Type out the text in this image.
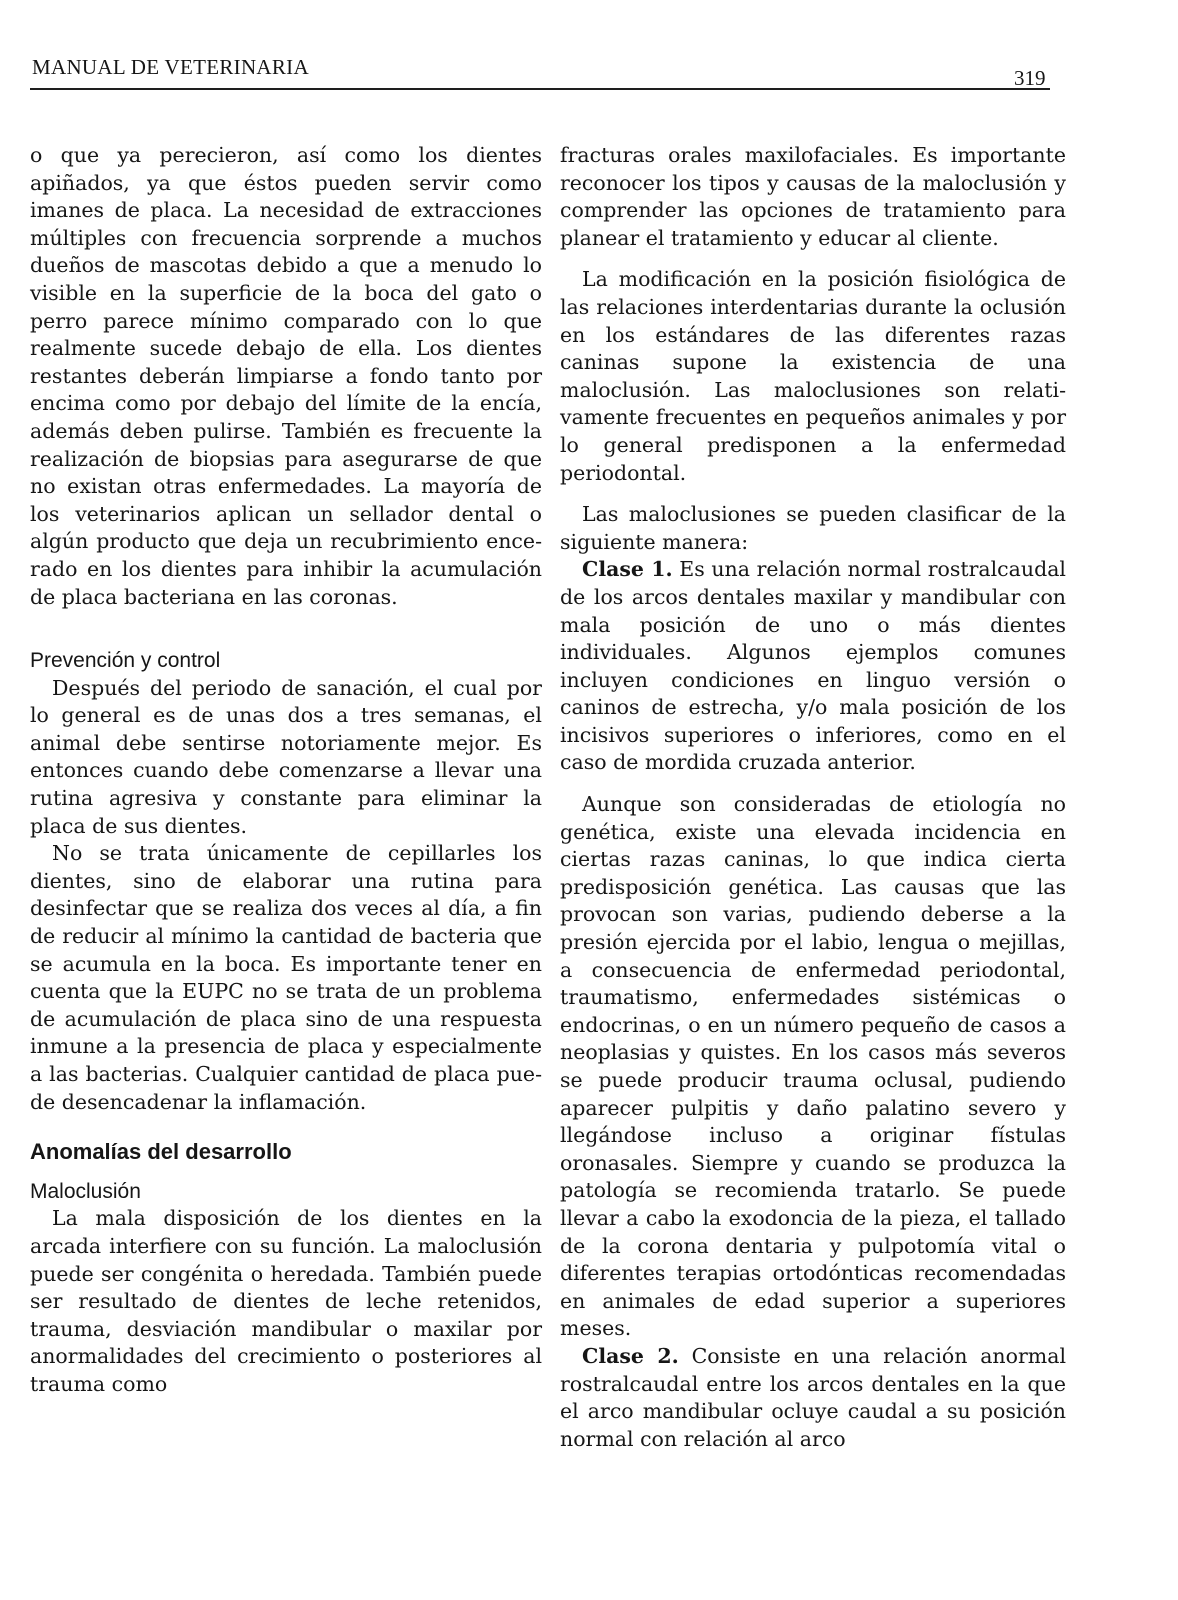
MANUAL DE VETERINARIA	319

o que ya perecieron, así como los dientes apiñados, ya que éstos pueden servir como imanes de placa. La necesidad de extracciones múltiples con frecuencia sorprende a muchos dueños de mascotas debido a que a menudo lo visible en la superficie de la boca del gato o perro parece mínimo comparado con lo que realmente sucede debajo de ella. Los dientes restantes deberán limpiarse a fondo tanto por encima como por debajo del límite de la encía, además deben pulirse. También es frecuente la realización de biopsias para asegurarse de que no existan otras enfermedades. La mayoría de los veterinarios aplican un sellador dental o algún producto que deja un recubrimiento encerado en los dientes para inhibir la acumulación de placa bacteriana en las coronas.

Prevención y control

Después del periodo de sanación, el cual por lo general es de unas dos a tres semanas, el animal debe sentirse notoriamente mejor. Es entonces cuando debe comenzarse a llevar una rutina agresiva y constante para eliminar la placa de sus dientes.

No se trata únicamente de cepillarles los dientes, sino de elaborar una rutina para desinfectar que se realiza dos veces al día, a fin de reducir al mínimo la cantidad de bacteria que se acumula en la boca. Es importante tener en cuenta que la EUPC no se trata de un problema de acumulación de placa sino de una respuesta inmune a la presencia de placa y especialmente a las bacterias. Cualquier cantidad de placa puede desencadenar la inflamación.

Anomalías del desarrollo
Maloclusión

La mala disposición de los dientes en la arcada interfiere con su función. La maloclusión puede ser congénita o heredada. También puede ser resultado de dientes de leche retenidos, trauma, desviación mandibular o maxilar por anormalidades del crecimiento o posteriores al trauma como

fracturas orales maxilofaciales. Es importante reconocer los tipos y causas de la maloclusión y comprender las opciones de tratamiento para planear el tratamiento y educar al cliente.

La modificación en la posición fisiológica de las relaciones interdentarias durante la oclusión en los estándares de las diferentes razas caninas supone la existencia de una maloclusión. Las maloclusiones son relativamente frecuentes en pequeños animales y por lo general predisponen a la enfermedad periodontal.

Las maloclusiones se pueden clasificar de la siguiente manera:

Clase 1. Es una relación normal rostralcaudal de los arcos dentales maxilar y mandibular con mala posición de uno o más dientes individuales. Algunos ejemplos comunes incluyen condiciones en linguo versión o caninos de estrecha, y/o mala posición de los incisivos superiores o inferiores, como en el caso de mordida cruzada anterior.

Aunque son consideradas de etiología no genética, existe una elevada incidencia en ciertas razas caninas, lo que indica cierta predisposición genética. Las causas que las provocan son varias, pudiendo deberse a la presión ejercida por el labio, lengua o mejillas, a consecuencia de enfermedad periodontal, traumatismo, enfermedades sistémicas o endocrinas, o en un número pequeño de casos a neoplasias y quistes. En los casos más severos se puede producir trauma oclusal, pudiendo aparecer pulpitis y daño palatino severo y llegándose incluso a originar fístulas oronasales. Siempre y cuando se produzca la patología se recomienda tratarlo. Se puede llevar a cabo la exodoncia de la pieza, el tallado de la corona dentaria y pulpotomía vital o diferentes terapias ortodónticas recomendadas en animales de edad superior a superiores meses.

Clase 2. Consiste en una relación anormal rostralcaudal entre los arcos dentales en la que el arco mandibular ocluye caudal a su posición normal con relación al arco
